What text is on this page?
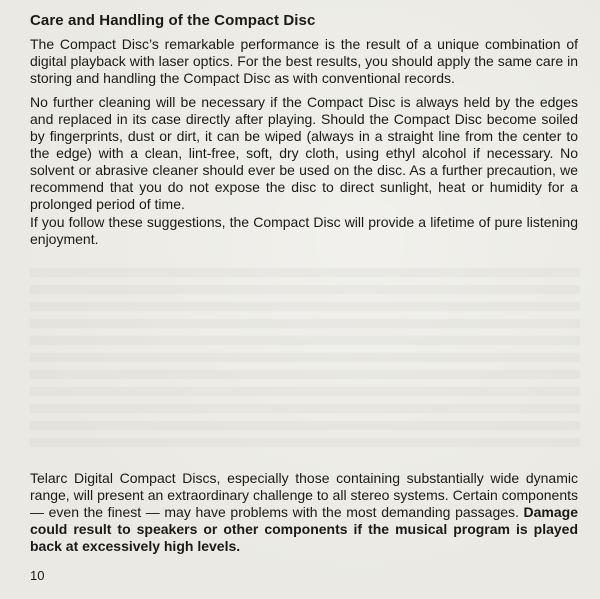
Care and Handling of the Compact Disc

The Compact Disc’s remarkable performance is the result of a unique combination of digital playback with laser optics. For the best results, you should apply the same care in storing and handling the Compact Disc as with conventional records.

No further cleaning will be necessary if the Compact Disc is always held by the edges and replaced in its case directly after playing. Should the Compact Disc become soiled by fingerprints, dust or dirt, it can be wiped (always in a straight line from the center to the edge) with a clean, lint-free, soft, dry cloth, using ethyl alcohol if necessary. No solvent or abrasive cleaner should ever be used on the disc. As a further precaution, we recommend that you do not expose the disc to direct sunlight, heat or humidity for a prolonged period of time.

If you follow these suggestions, the Compact Disc will provide a lifetime of pure listening enjoyment.

Telarc Digital Compact Discs, especially those containing substantially wide dynamic range, will present an extraordinary challenge to all stereo systems. Certain components — even the finest — may have problems with the most demanding passages. Damage could result to speakers or other components if the musical program is played back at excessively high levels.

10
